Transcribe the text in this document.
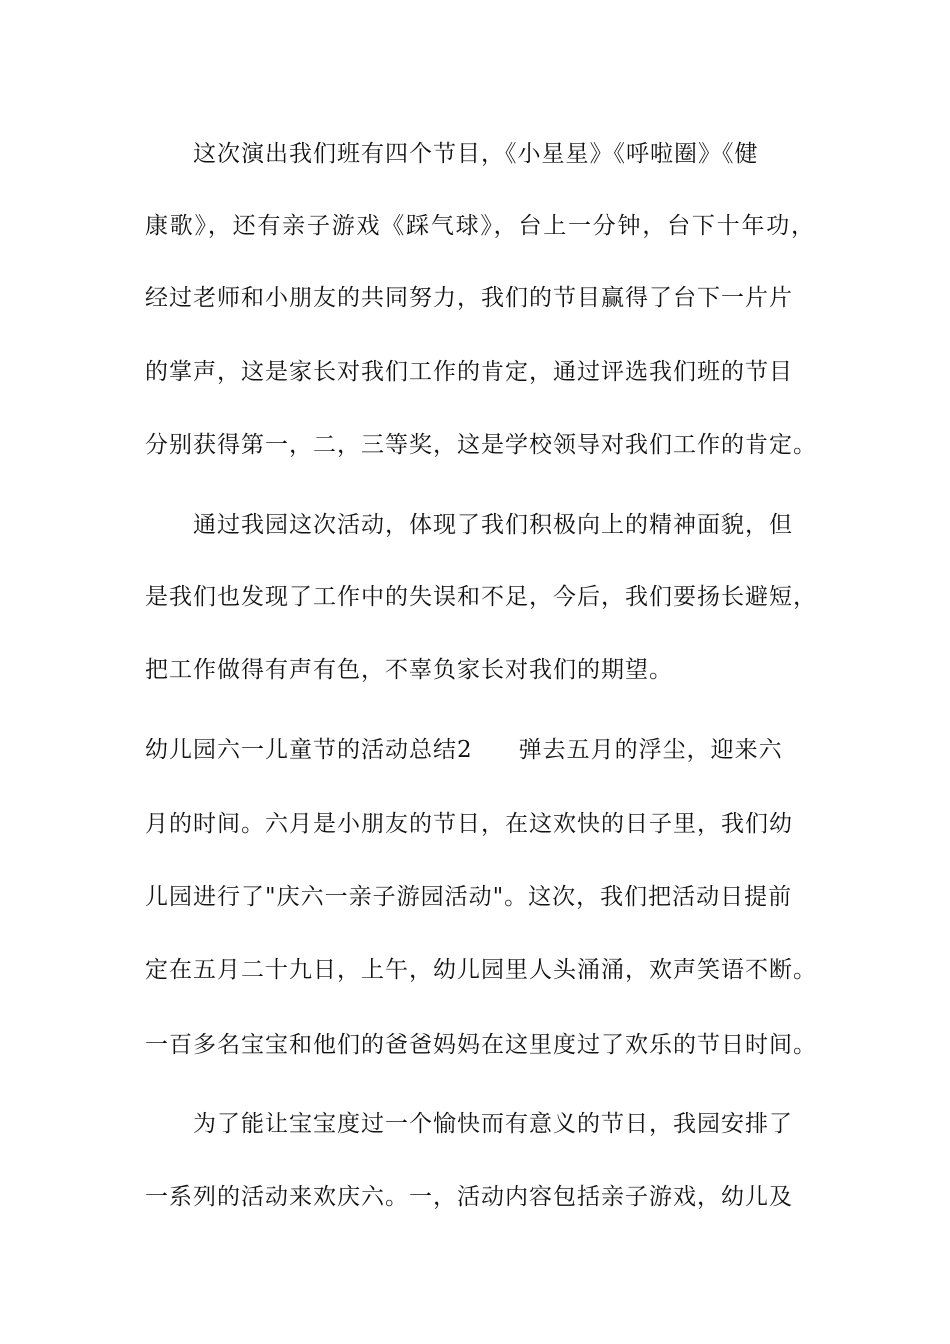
这次演出我们班有四个节目，《小星星》《呼啦圈》《健
康歌》，还有亲子游戏《踩气球》，台上一分钟，台下十年功，
经过老师和小朋友的共同努力，我们的节目赢得了台下一片片
的掌声，这是家长对我们工作的肯定，通过评选我们班的节目
分别获得第一，二，三等奖，这是学校领导对我们工作的肯定。
通过我园这次活动，体现了我们积极向上的精神面貌，但
是我们也发现了工作中的失误和不足，今后，我们要扬长避短，
把工作做得有声有色，不辜负家长对我们的期望。
幼儿园六一儿童节的活动总结2 弹去五月的浮尘，迎来六
月的时间。六月是小朋友的节日，在这欢快的日子里，我们幼
儿园进行了"庆六一亲子游园活动"。这次，我们把活动日提前
定在五月二十九日，上午，幼儿园里人头涌涌，欢声笑语不断。
一百多名宝宝和他们的爸爸妈妈在这里度过了欢乐的节日时间。
为了能让宝宝度过一个愉快而有意义的节日，我园安排了
一系列的活动来欢庆六。一，活动内容包括亲子游戏，幼儿及
